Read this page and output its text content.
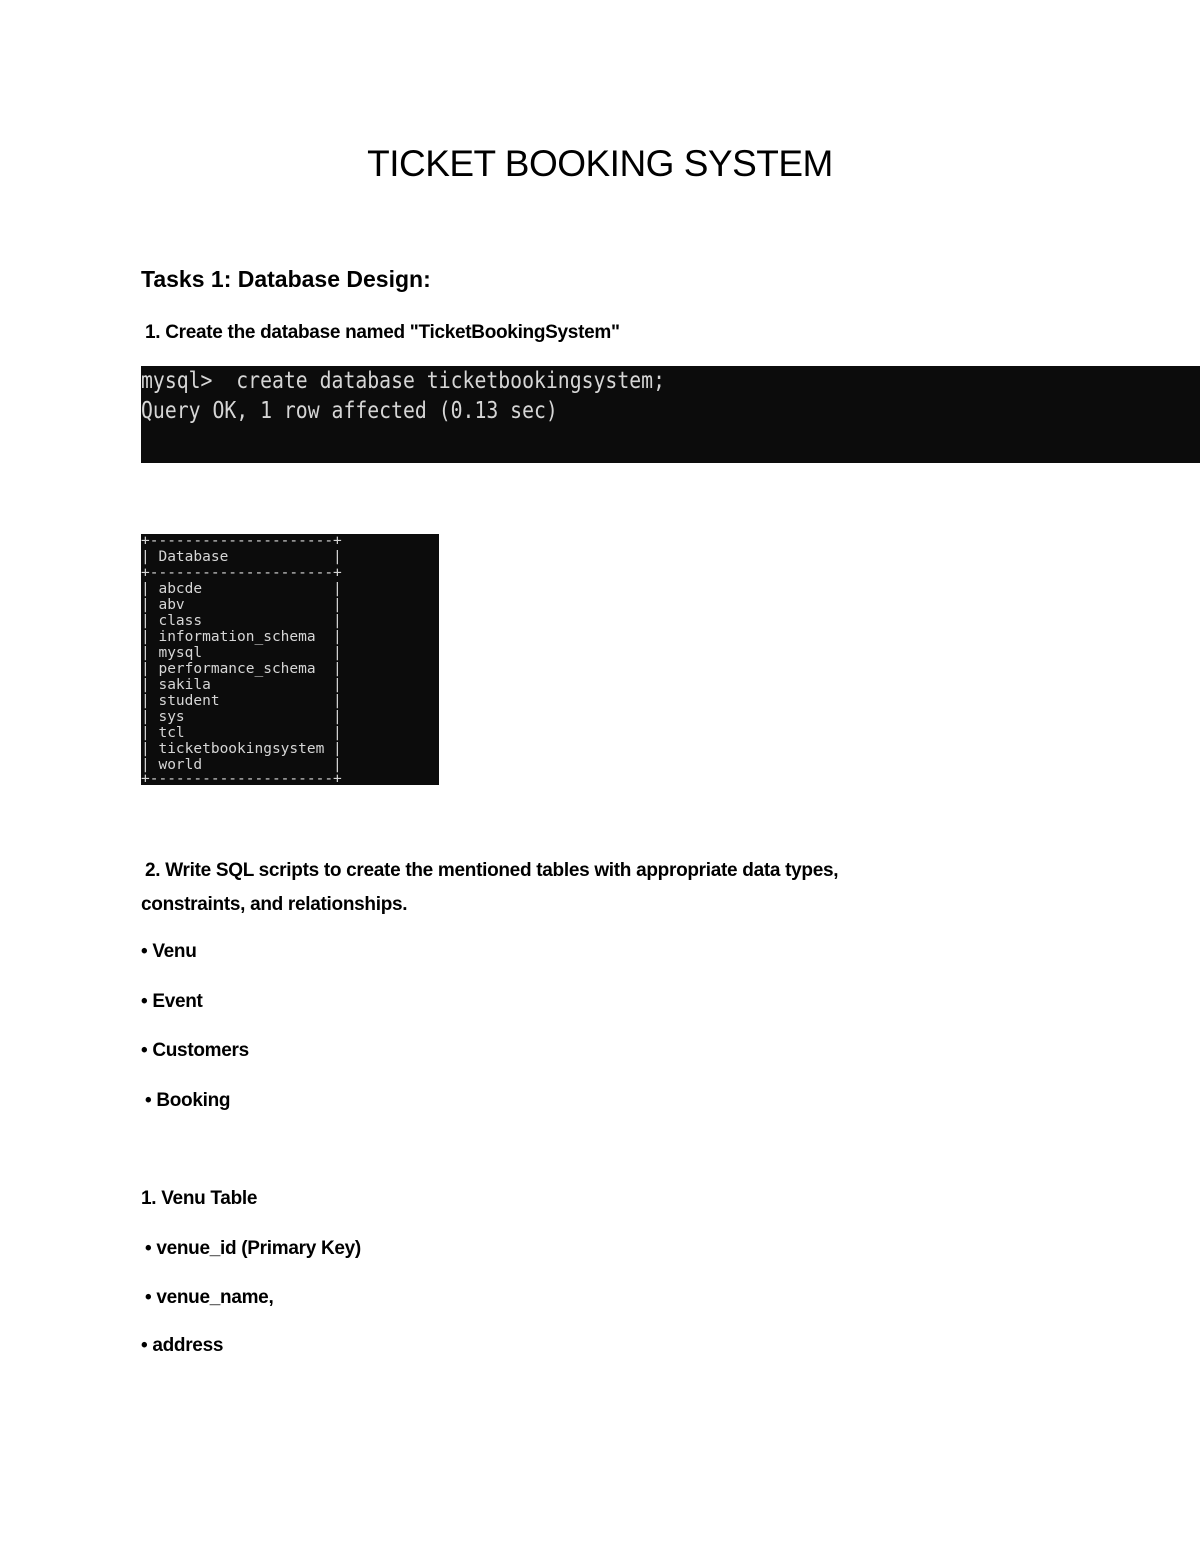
TICKET BOOKING SYSTEM
Tasks 1: Database Design:
1. Create the database named "TicketBookingSystem"
mysql>  create database ticketbookingsystem;
Query OK, 1 row affected (0.13 sec)
+---------------------+
| Database            |
+---------------------+
| abcde               |
| abv                 |
| class               |
| information_schema  |
| mysql               |
| performance_schema  |
| sakila              |
| student             |
| sys                 |
| tcl                 |
| ticketbookingsystem |
| world               |
+---------------------+
2. Write SQL scripts to create the mentioned tables with appropriate data types,
constraints, and relationships.
• Venu
• Event
• Customers
• Booking
1. Venu Table
• venue_id (Primary Key)
• venue_name,
• address
